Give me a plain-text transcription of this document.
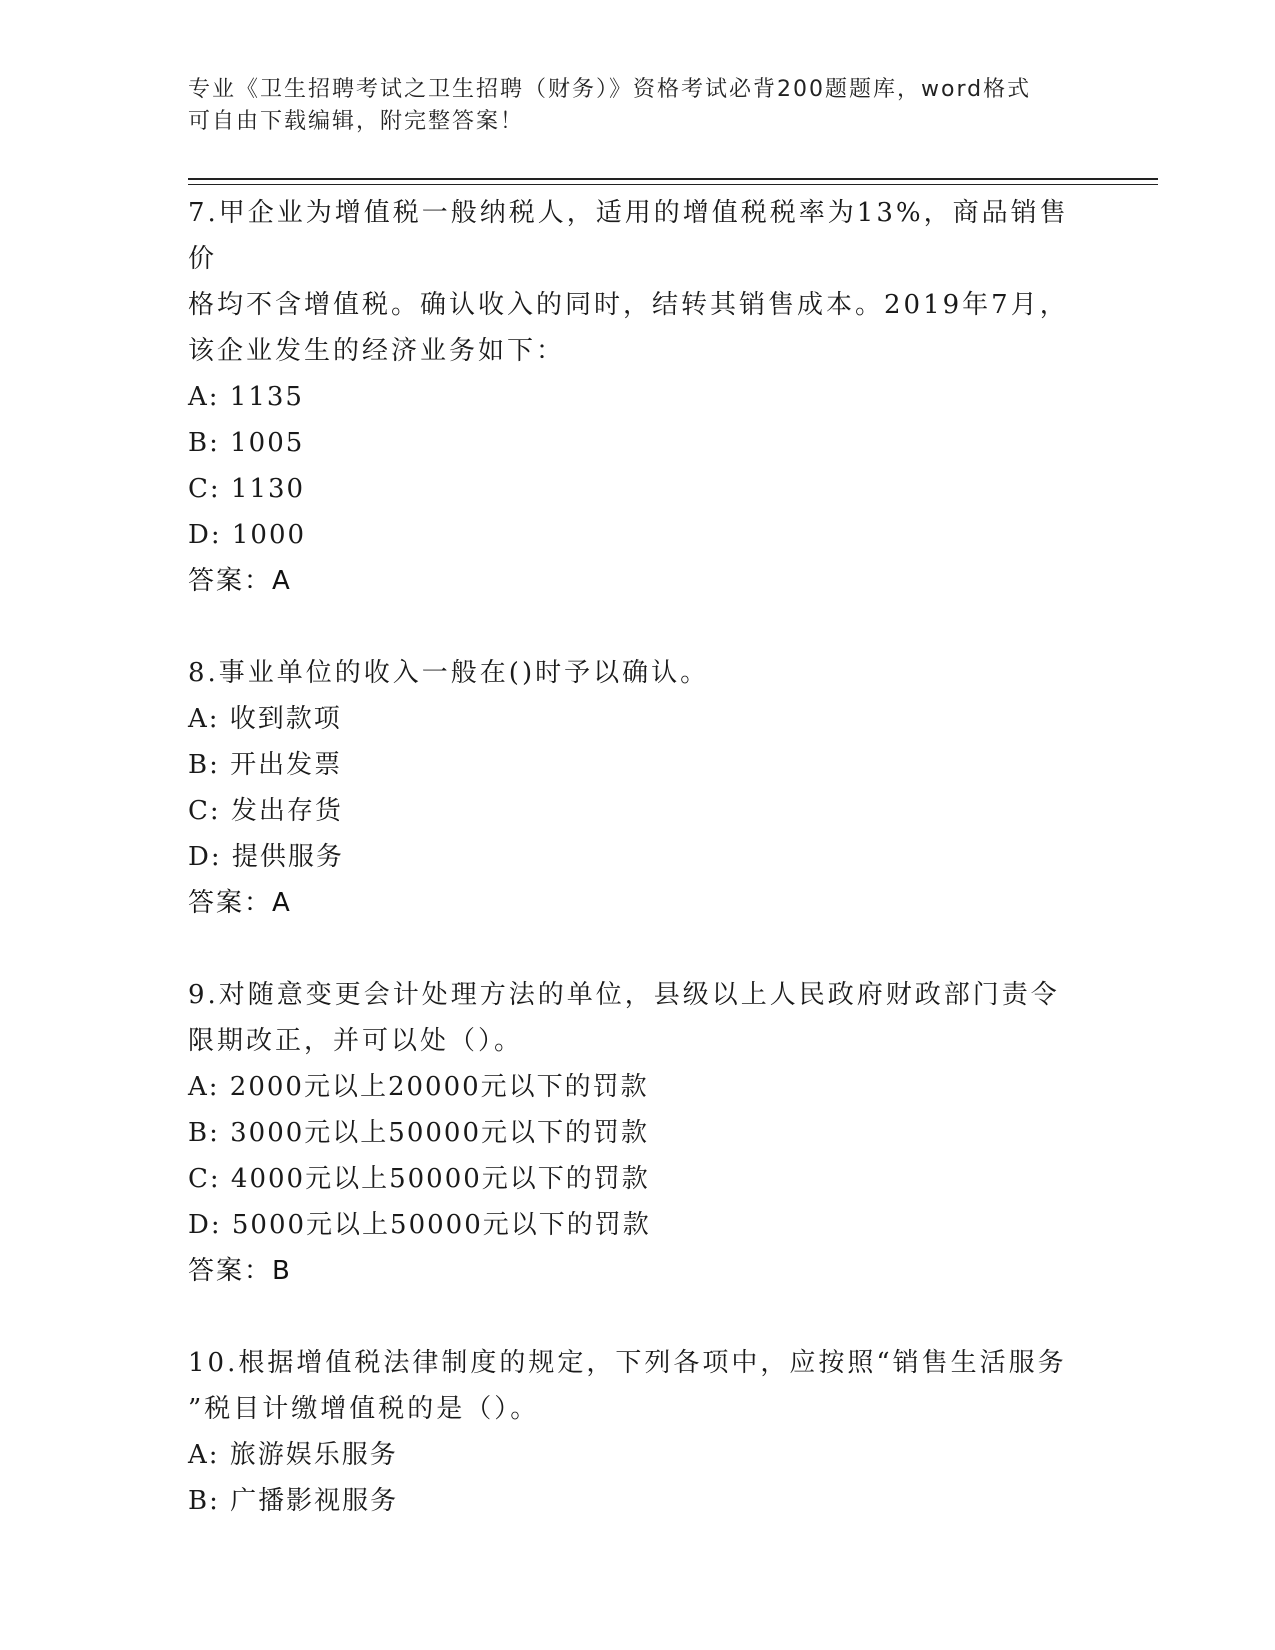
专业《卫生招聘考试之卫生招聘（财务）》资格考试必背200题题库，word格式
可自由下载编辑，附完整答案！
7.甲企业为增值税一般纳税人，适用的增值税税率为13%，商品销售价
格均不含增值税。确认收入的同时，结转其销售成本。2019年7月，
该企业发生的经济业务如下：
A: 1135
B: 1005
C: 1130
D: 1000
答案：A
8.事业单位的收入一般在()时予以确认。
A: 收到款项
B: 开出发票
C: 发出存货
D: 提供服务
答案：A
9.对随意变更会计处理方法的单位，县级以上人民政府财政部门责令
限期改正，并可以处（）。
A: 2000元以上20000元以下的罚款
B: 3000元以上50000元以下的罚款
C: 4000元以上50000元以下的罚款
D: 5000元以上50000元以下的罚款
答案：B
10.根据增值税法律制度的规定，下列各项中，应按照“销售生活服务
”税目计缴增值税的是（）。
A: 旅游娱乐服务
B: 广播影视服务
